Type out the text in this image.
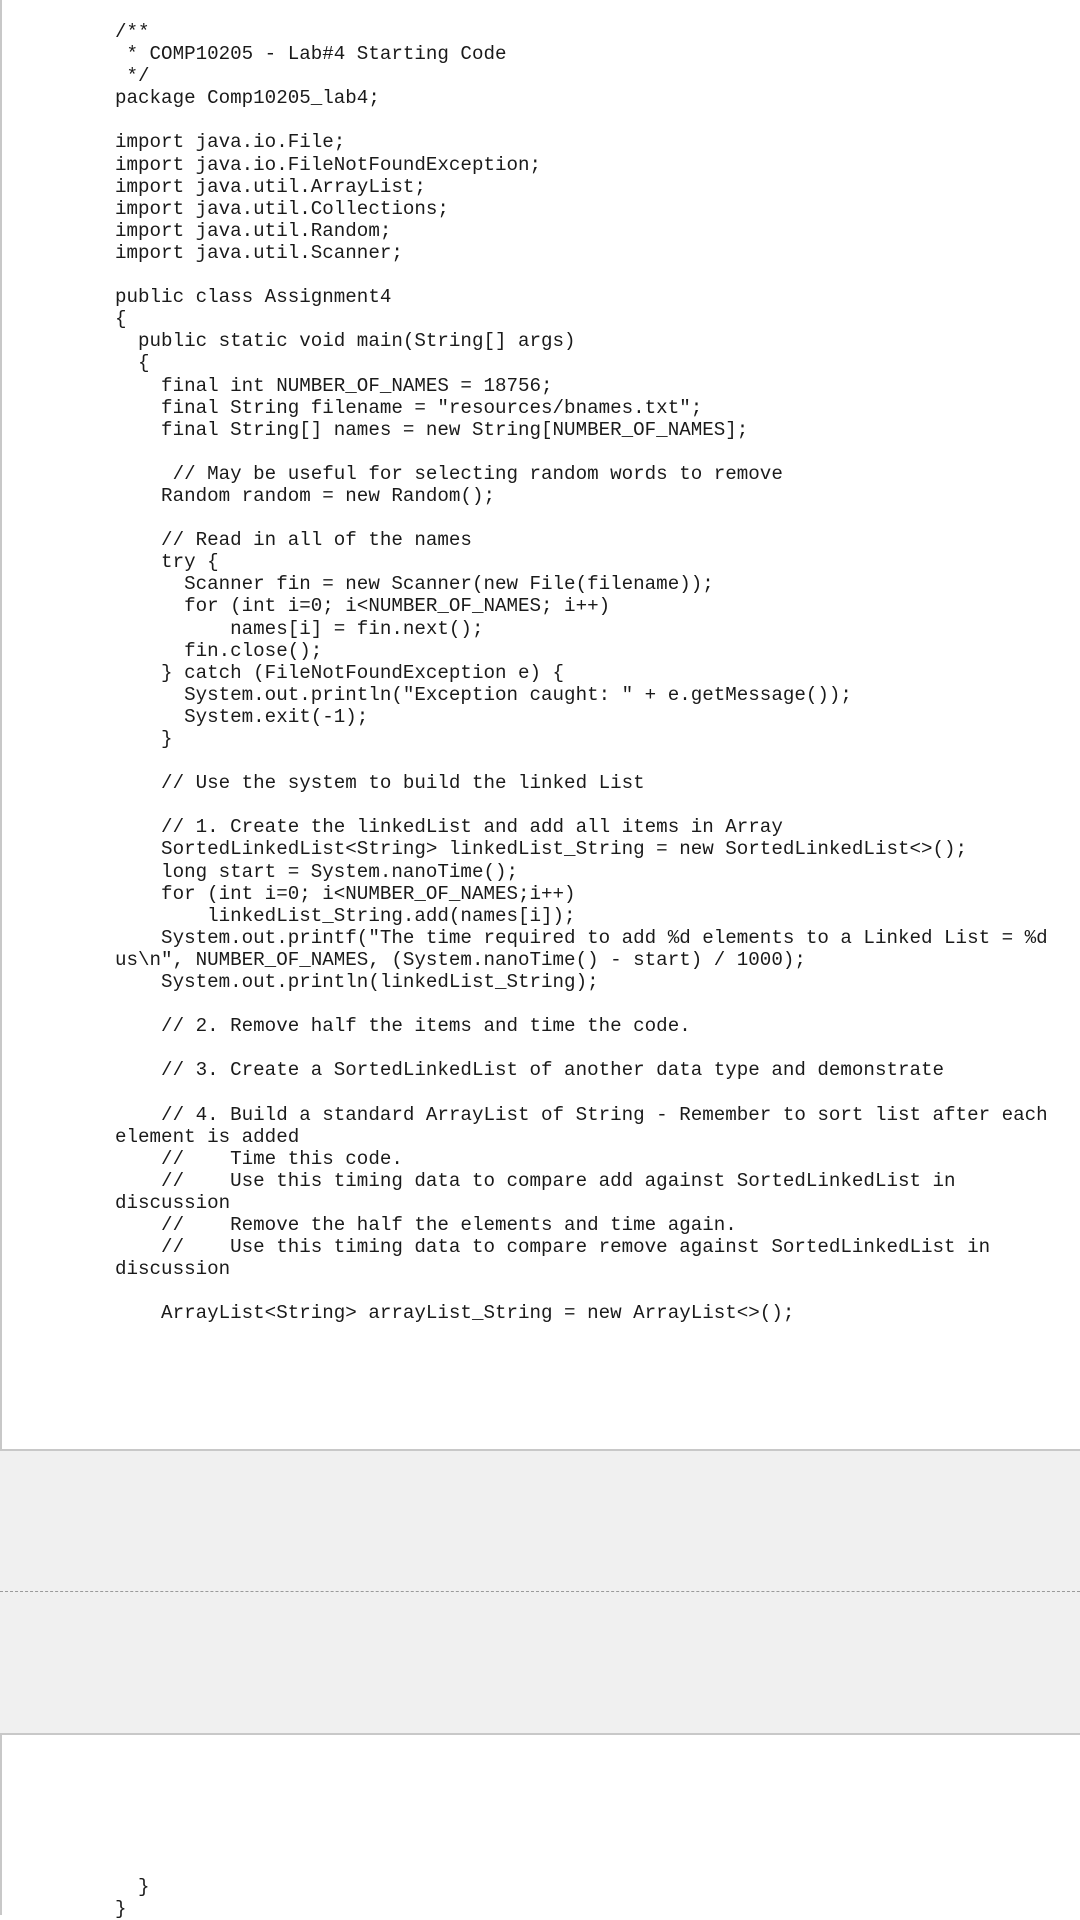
/**
* COMP10205 - Lab#4 Starting Code
*/
package Comp10205_lab4;

import java.io.File;
import java.io.FileNotFoundException;
import java.util.ArrayList;
import java.util.Collections;
import java.util.Random;
import java.util.Scanner;

public class Assignment4
{
public static void main(String[] args)
{
final int NUMBER_OF_NAMES = 18756;
final String filename = "resources/bnames.txt";
final String[] names = new String[NUMBER_OF_NAMES];

// May be useful for selecting random words to remove
Random random = new Random();

// Read in all of the names
try {
Scanner fin = new Scanner(new File(filename));
for (int i=0; i<NUMBER_OF_NAMES; i++)
names[i] = fin.next();
fin.close();
} catch (FileNotFoundException e) {
System.out.println("Exception caught: " + e.getMessage());
System.exit(-1);
}

// Use the system to build the linked List

// 1. Create the linkedList and add all items in Array
SortedLinkedList<String> linkedList_String = new SortedLinkedList<>();
long start = System.nanoTime();
for (int i=0; i<NUMBER_OF_NAMES;i++)
linkedList_String.add(names[i]);
System.out.printf("The time required to add %d elements to a Linked List = %d
us\n", NUMBER_OF_NAMES, (System.nanoTime() - start) / 1000);
System.out.println(linkedList_String);

// 2. Remove half the items and time the code.

// 3. Create a SortedLinkedList of another data type and demonstrate

// 4. Build a standard ArrayList of String - Remember to sort list after each
element is added
//    Time this code.
//    Use this timing data to compare add against SortedLinkedList in
discussion
//    Remove the half the elements and time again.
//    Use this timing data to compare remove against SortedLinkedList in
discussion

ArrayList<String> arrayList_String = new ArrayList<>();
}
}
